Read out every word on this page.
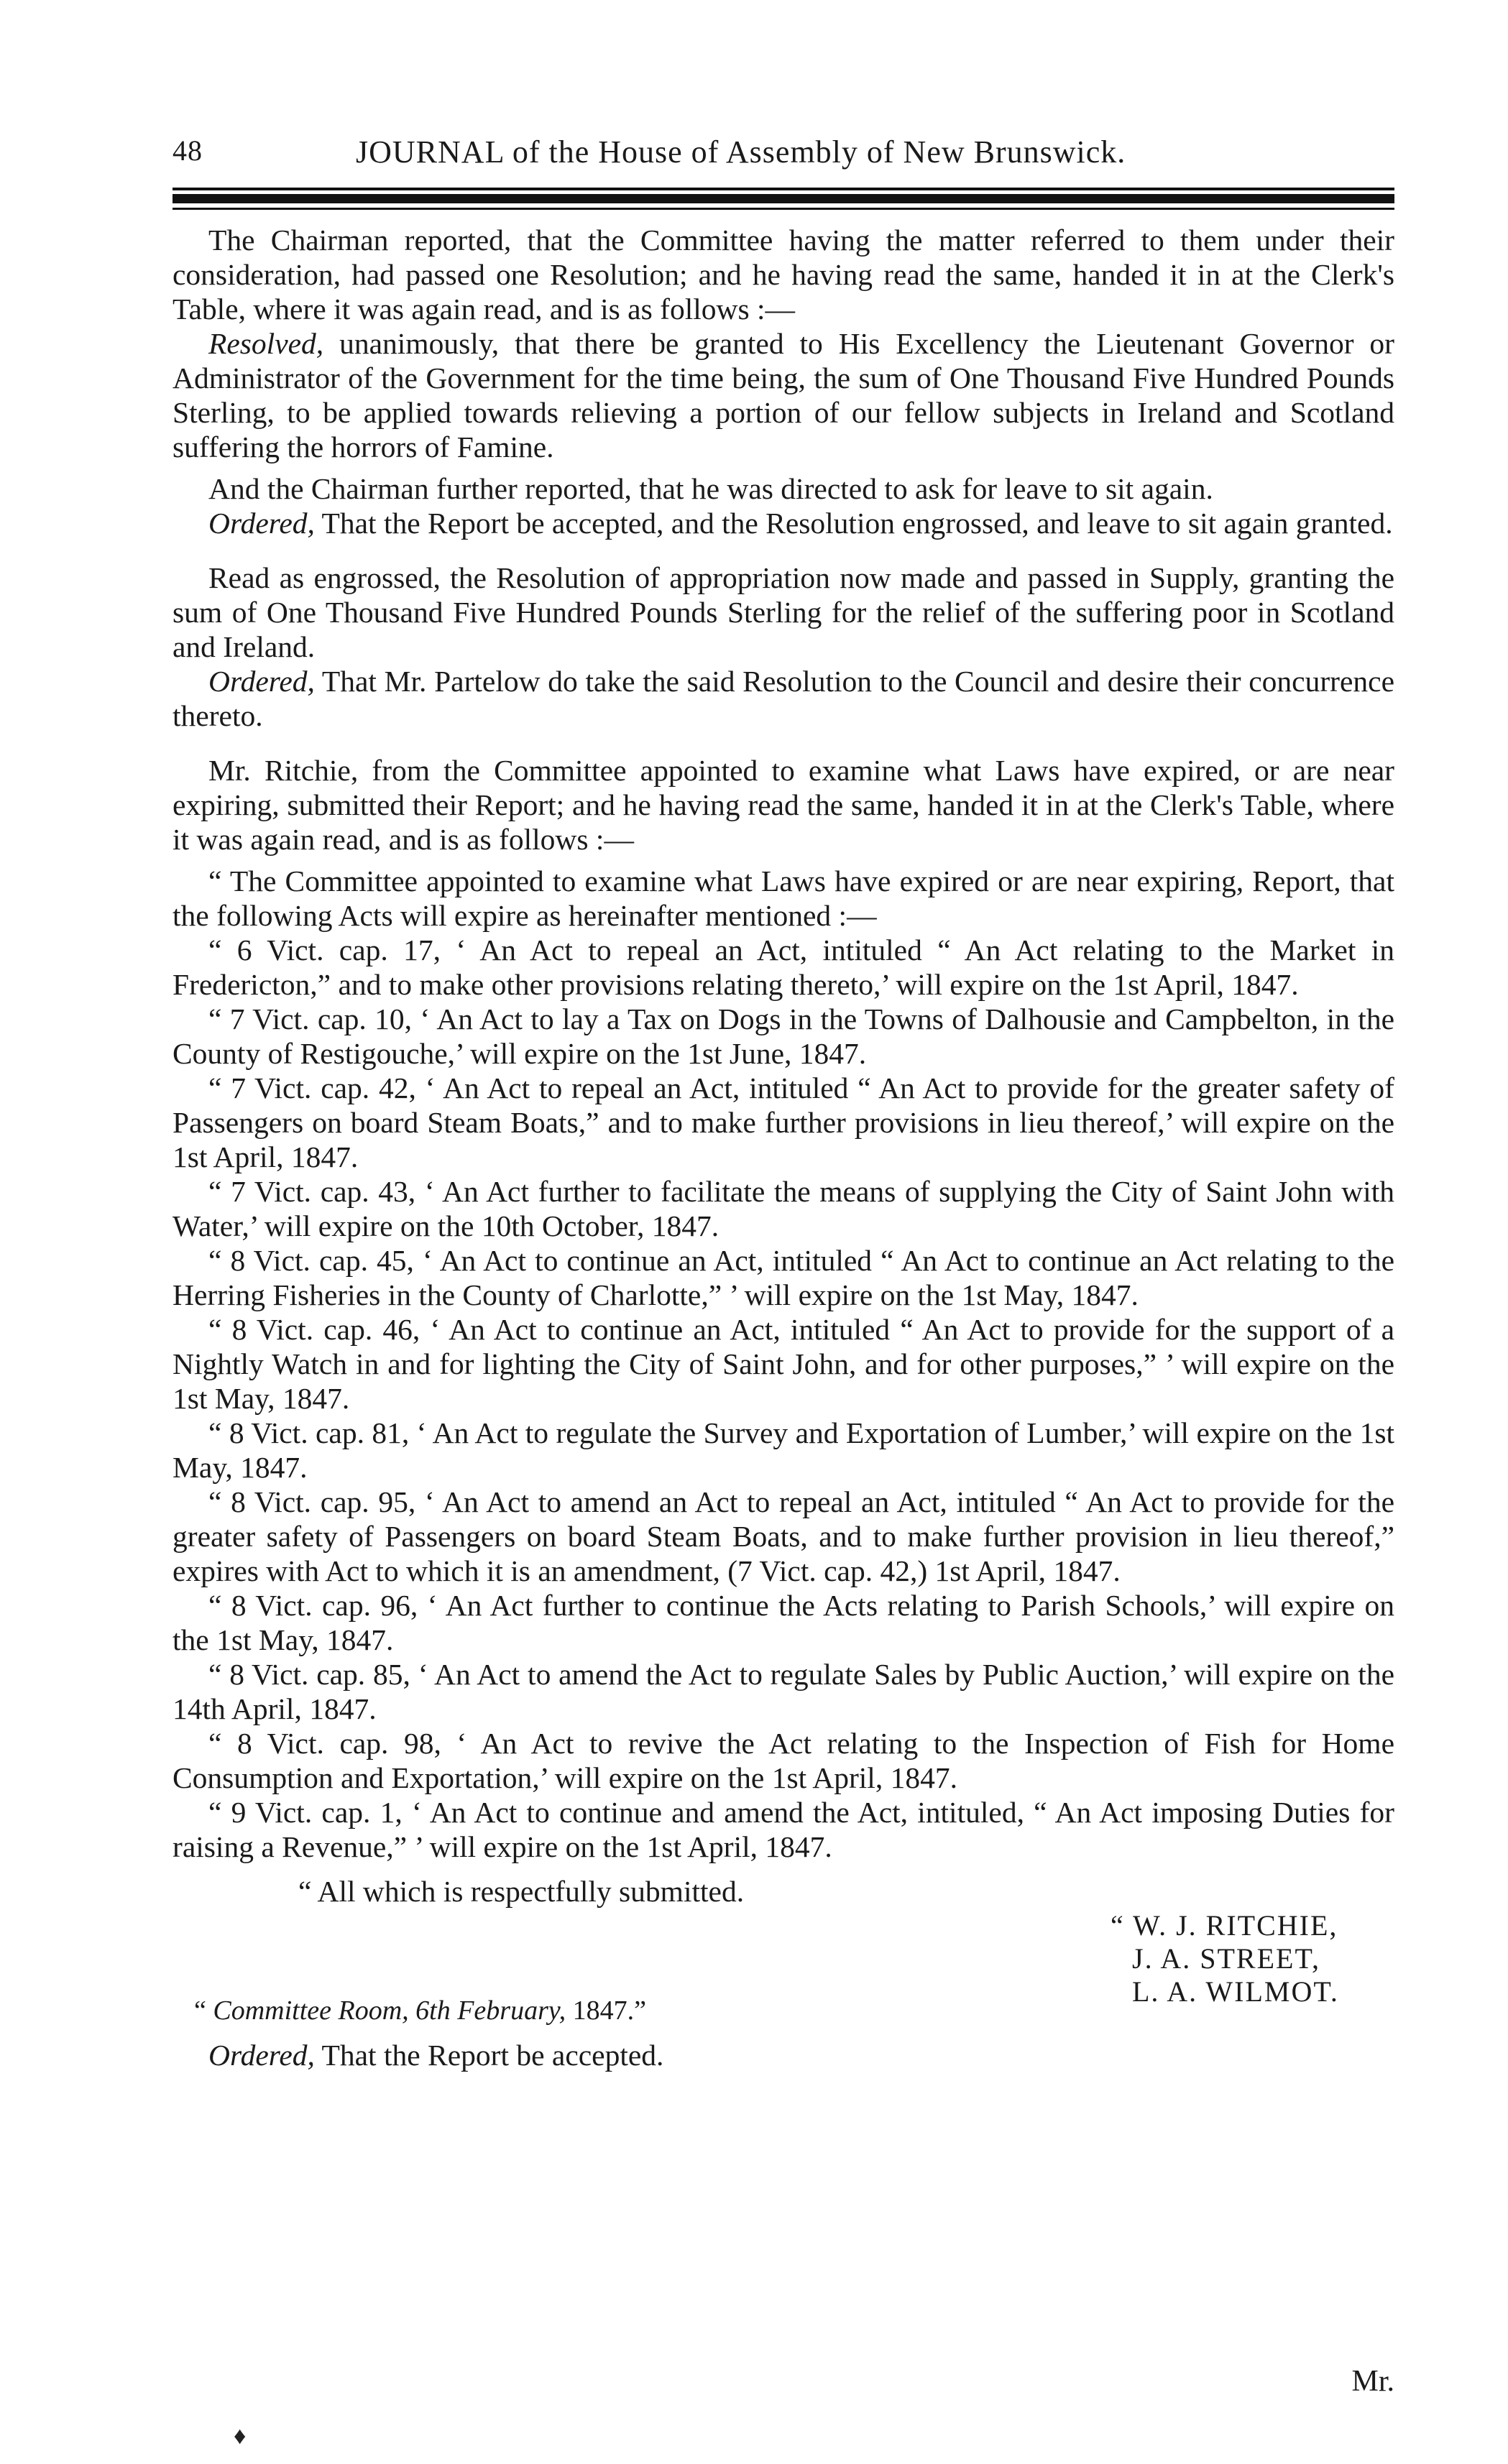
48	JOURNAL of the House of Assembly of New Brunswick.

The Chairman reported, that the Committee having the matter referred to them under their consideration, had passed one Resolution; and he having read the same, handed it in at the Clerk's Table, where it was again read, and is as follows :—

Resolved, unanimously, that there be granted to His Excellency the Lieutenant Governor or Administrator of the Government for the time being, the sum of One Thousand Five Hundred Pounds Sterling, to be applied towards relieving a portion of our fellow subjects in Ireland and Scotland suffering the horrors of Famine.

And the Chairman further reported, that he was directed to ask for leave to sit again.

Ordered, That the Report be accepted, and the Resolution engrossed, and leave to sit again granted.

Read as engrossed, the Resolution of appropriation now made and passed in Supply, granting the sum of One Thousand Five Hundred Pounds Sterling for the relief of the suffering poor in Scotland and Ireland.

Ordered, That Mr. Partelow do take the said Resolution to the Council and desire their concurrence thereto.

Mr. Ritchie, from the Committee appointed to examine what Laws have expired, or are near expiring, submitted their Report; and he having read the same, handed it in at the Clerk's Table, where it was again read, and is as follows :—

“ The Committee appointed to examine what Laws have expired or are near expiring, Report, that the following Acts will expire as hereinafter mentioned :—

“ 6 Vict. cap. 17, ‘ An Act to repeal an Act, intituled “ An Act relating to the Market in Fredericton,” and to make other provisions relating thereto,’ will expire on the 1st April, 1847.

“ 7 Vict. cap. 10, ‘ An Act to lay a Tax on Dogs in the Towns of Dalhousie and Campbelton, in the County of Restigouche,’ will expire on the 1st June, 1847.

“ 7 Vict. cap. 42, ‘ An Act to repeal an Act, intituled “ An Act to provide for the greater safety of Passengers on board Steam Boats,” and to make further provisions in lieu thereof,’ will expire on the 1st April, 1847.

“ 7 Vict. cap. 43, ‘ An Act further to facilitate the means of supplying the City of Saint John with Water,’ will expire on the 10th October, 1847.

“ 8 Vict. cap. 45, ‘ An Act to continue an Act, intituled “ An Act to continue an Act relating to the Herring Fisheries in the County of Charlotte,” ’ will expire on the 1st May, 1847.

“ 8 Vict. cap. 46, ‘ An Act to continue an Act, intituled “ An Act to provide for the support of a Nightly Watch in and for lighting the City of Saint John, and for other purposes,” ’ will expire on the 1st May, 1847.

“ 8 Vict. cap. 81, ‘ An Act to regulate the Survey and Exportation of Lumber,’ will expire on the 1st May, 1847.

“ 8 Vict. cap. 95, ‘ An Act to amend an Act to repeal an Act, intituled “ An Act to provide for the greater safety of Passengers on board Steam Boats, and to make further provision in lieu thereof,” expires with Act to which it is an amendment, (7 Vict. cap. 42,) 1st April, 1847.

“ 8 Vict. cap. 96, ‘ An Act further to continue the Acts relating to Parish Schools,’ will expire on the 1st May, 1847.

“ 8 Vict. cap. 85, ‘ An Act to amend the Act to regulate Sales by Public Auction,’ will expire on the 14th April, 1847.

“ 8 Vict. cap. 98, ‘ An Act to revive the Act relating to the Inspection of Fish for Home Consumption and Exportation,’ will expire on the 1st April, 1847.

“ 9 Vict. cap. 1, ‘ An Act to continue and amend the Act, intituled, “ An Act imposing Duties for raising a Revenue,” ’ will expire on the 1st April, 1847.

“ All which is respectfully submitted.

“ W. J. RITCHIE,
J. A. STREET,
L. A. WILMOT.
“ Committee Room, 6th February, 1847.”

Ordered, That the Report be accepted.

Mr.
♦
